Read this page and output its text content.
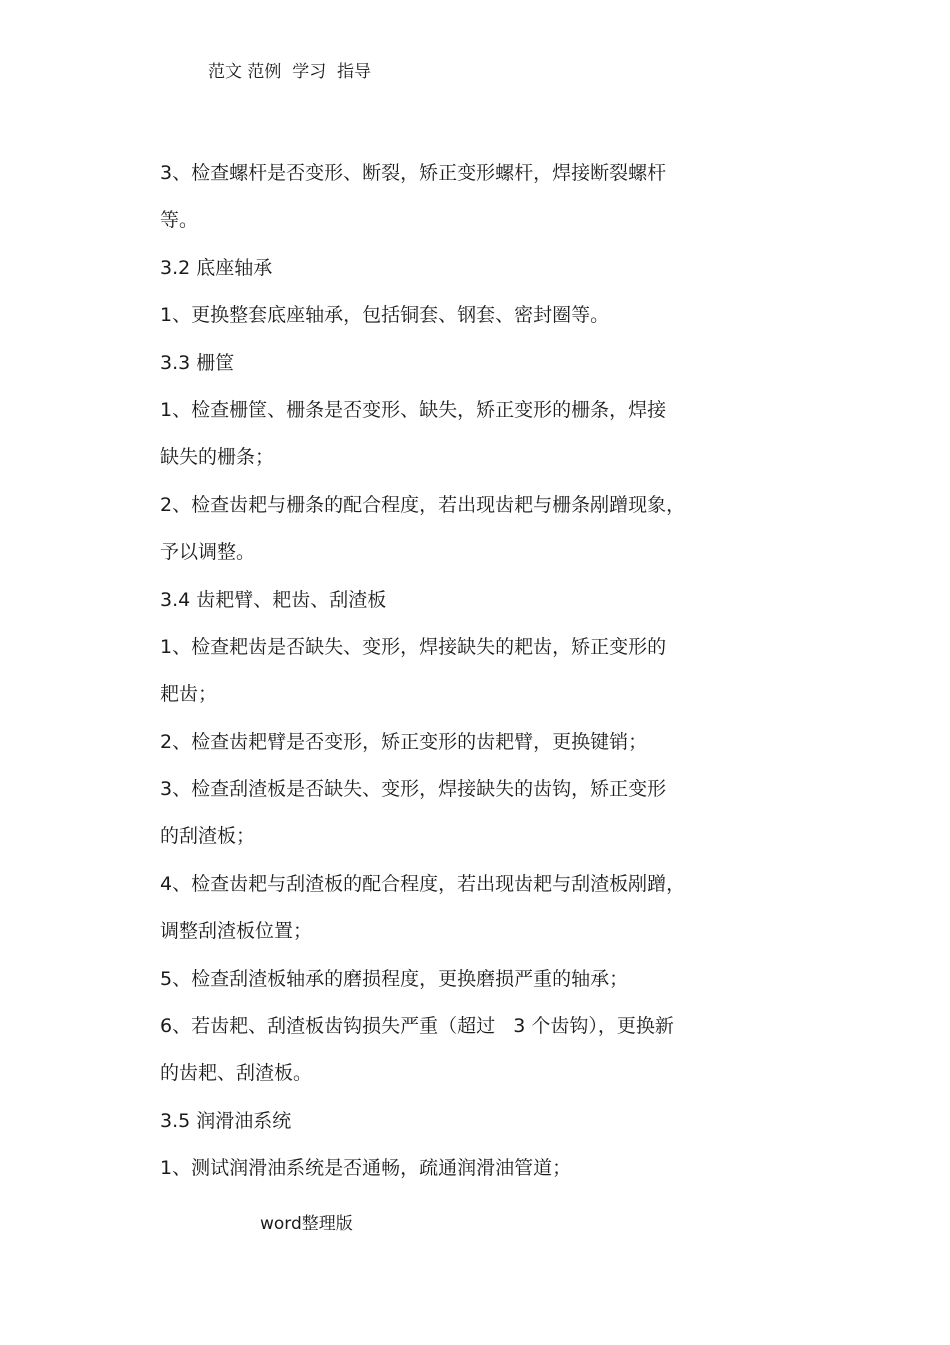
范文 范例  学习  指导
3、检查螺杆是否变形、断裂，矫正变形螺杆，焊接断裂螺杆
等。
3.2 底座轴承
1、更换整套底座轴承，包括铜套、钢套、密封圈等。
3.3 栅筐
1、检查栅筐、栅条是否变形、缺失，矫正变形的栅条，焊接
缺失的栅条；
2、检查齿耙与栅条的配合程度，若出现齿耙与栅条剐蹭现象，
予以调整。
3.4 齿耙臂、耙齿、刮渣板
1、检查耙齿是否缺失、变形，焊接缺失的耙齿，矫正变形的
耙齿；
2、检查齿耙臂是否变形，矫正变形的齿耙臂，更换键销；
3、检查刮渣板是否缺失、变形，焊接缺失的齿钩，矫正变形
的刮渣板；
4、检查齿耙与刮渣板的配合程度，若出现齿耙与刮渣板剐蹭，
调整刮渣板位置；
5、检查刮渣板轴承的磨损程度，更换磨损严重的轴承；
6、若齿耙、刮渣板齿钩损失严重（超过   3 个齿钩），更换新
的齿耙、刮渣板。
3.5 润滑油系统
1、测试润滑油系统是否通畅，疏通润滑油管道；
word整理版
